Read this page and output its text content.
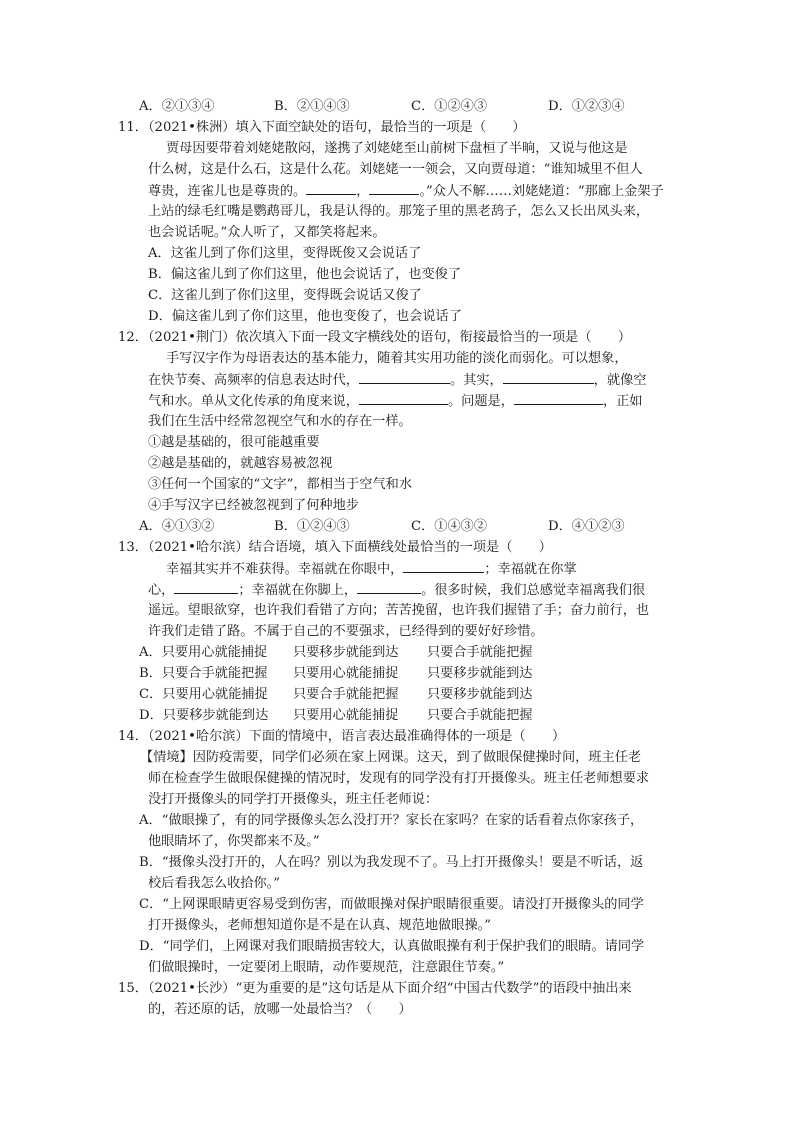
A．②①③④	B．②①④③	C．①②④③	D．①②③④
11．（2021•株洲）填入下面空缺处的语句，最恰当的一项是（　　）
贾母因要带着刘姥姥散闷，遂携了刘姥姥至山前树下盘桓了半晌，又说与他这是
什么树，这是什么石，这是什么花。刘姥姥一一领会，又向贾母道：“谁知城里不但人
尊贵，连雀儿也是尊贵的。	，	。”众人不解……刘姥姥道：“那廊上金架子
上站的绿毛红嘴是鹦鹉哥儿，我是认得的。那笼子里的黑老鸹子，怎么又长出凤头来，
也会说话呢。”众人听了，又都笑将起来。
A．这雀儿到了你们这里，变得既俊又会说话了
B．偏这雀儿到了你们这里，他也会说话了，也变俊了
C．这雀儿到了你们这里，变得既会说话又俊了
D．偏这雀儿到了你们这里，他也变俊了，也会说话了
12．（2021•荆门）依次填入下面一段文字横线处的语句，衔接最恰当的一项是（　　）
手写汉字作为母语表达的基本能力，随着其实用功能的淡化而弱化。可以想象，
在快节奏、高频率的信息表达时代，	。其实，	，就像空
气和水。单从文化传承的角度来说，	。问题是，	，正如
我们在生活中经常忽视空气和水的存在一样。
①越是基础的，很可能越重要
②越是基础的，就越容易被忽视
③任何一个国家的“文字”，都相当于空气和水
④手写汉字已经被忽视到了何种地步
A．④①③②	B．①②④③	C．①④③②	D．④①②③
13．（2021•哈尔滨）结合语境，填入下面横线处最恰当的一项是（　　）
幸福其实并不难获得。幸福就在你眼中，	；幸福就在你掌
心，	；幸福就在你脚上，	。很多时候，我们总感觉幸福离我们很
遥远。望眼欲穿，也许我们看错了方向；苦苦挽留，也许我们握错了手；奋力前行，也
许我们走错了路。不属于自己的不要强求，已经得到的要好好珍惜。
A．只要用心就能捕捉 只要移步就能到达 只要合手就能把握
B．只要合手就能把握 只要用心就能捕捉 只要移步就能到达
C．只要用心就能捕捉 只要合手就能把握 只要移步就能到达
D．只要移步就能到达 只要用心就能捕捉 只要合手就能把握
14．（2021•哈尔滨）下面的情境中，语言表达最准确得体的一项是（　　）
【情境】因防疫需要，同学们必须在家上网课。这天，到了做眼保健操时间，班主任老
师在检查学生做眼保健操的情况时，发现有的同学没有打开摄像头。班主任老师想要求
没打开摄像头的同学打开摄像头，班主任老师说：
A．“做眼操了，有的同学摄像头怎么没打开？家长在家吗？在家的话看着点你家孩子，
他眼睛坏了，你哭都来不及。”
B．“摄像头没打开的，人在吗？别以为我发现不了。马上打开摄像头！要是不听话，返
校后看我怎么收拾你。”
C．“上网课眼睛更容易受到伤害，而做眼操对保护眼睛很重要。请没打开摄像头的同学
打开摄像头，老师想知道你是不是在认真、规范地做眼操。”
D．“同学们，上网课对我们眼睛损害较大，认真做眼操有利于保护我们的眼睛。请同学
们做眼操时，一定要闭上眼睛，动作要规范，注意跟住节奏。”
15．（2021•长沙）“更为重要的是”这句话是从下面介绍“中国古代数学”的语段中抽出来
的，若还原的话，放哪一处最恰当？（　　）
